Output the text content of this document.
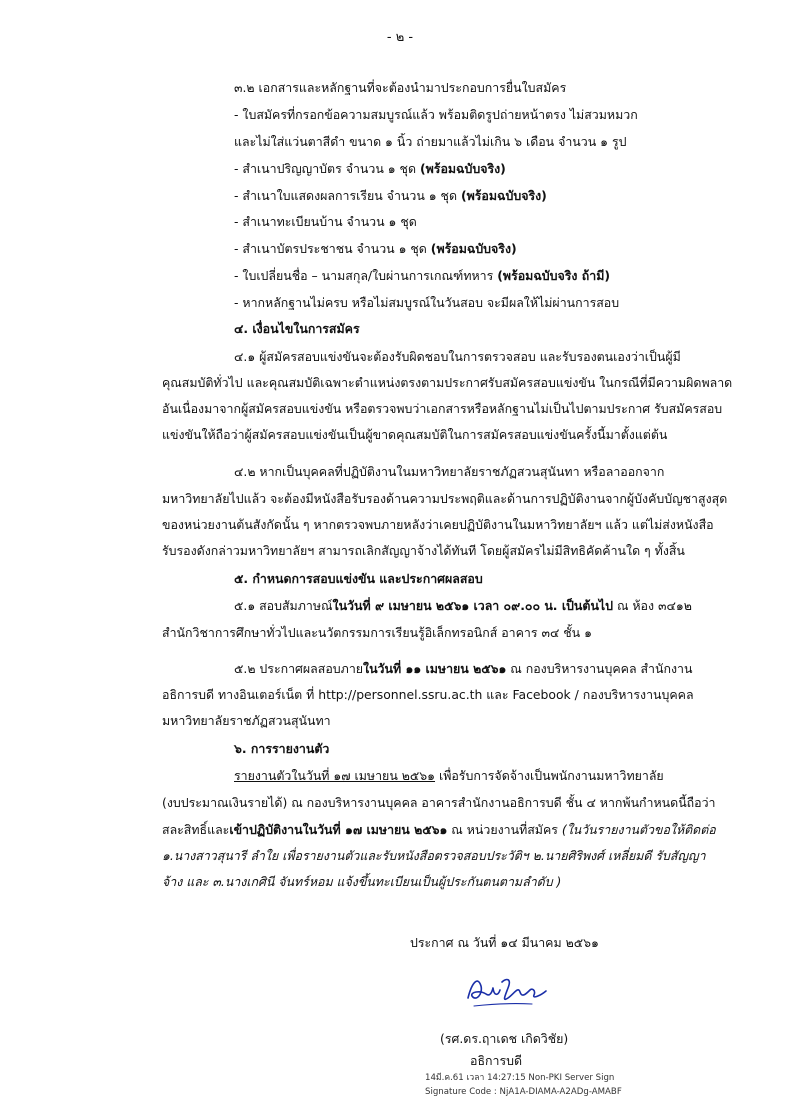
- ๒ -
๓.๒ เอกสารและหลักฐานที่จะต้องนำมาประกอบการยื่นใบสมัคร
- ใบสมัครที่กรอกข้อความสมบูรณ์แล้ว พร้อมติดรูปถ่ายหน้าตรง ไม่สวมหมวก
และไม่ใส่แว่นตาสีดำ ขนาด ๑ นิ้ว ถ่ายมาแล้วไม่เกิน ๖ เดือน จำนวน ๑ รูป
- สำเนาปริญญาบัตร จำนวน ๑ ชุด (พร้อมฉบับจริง)
- สำเนาใบแสดงผลการเรียน จำนวน ๑ ชุด (พร้อมฉบับจริง)
- สำเนาทะเบียนบ้าน จำนวน ๑ ชุด
- สำเนาบัตรประชาชน จำนวน ๑ ชุด (พร้อมฉบับจริง)
- ใบเปลี่ยนชื่อ – นามสกุล/ใบผ่านการเกณฑ์ทหาร (พร้อมฉบับจริง ถ้ามี)
- หากหลักฐานไม่ครบ หรือไม่สมบูรณ์ในวันสอบ จะมีผลให้ไม่ผ่านการสอบ
๔. เงื่อนไขในการสมัคร
๔.๑ ผู้สมัครสอบแข่งขันจะต้องรับผิดชอบในการตรวจสอบ และรับรองตนเองว่าเป็นผู้มี
คุณสมบัติทั่วไป และคุณสมบัติเฉพาะตำแหน่งตรงตามประกาศรับสมัครสอบแข่งขัน ในกรณีที่มีความผิดพลาด
อันเนื่องมาจากผู้สมัครสอบแข่งขัน หรือตรวจพบว่าเอกสารหรือหลักฐานไม่เป็นไปตามประกาศ รับสมัครสอบ
แข่งขันให้ถือว่าผู้สมัครสอบแข่งขันเป็นผู้ขาดคุณสมบัติในการสมัครสอบแข่งขันครั้งนี้มาตั้งแต่ต้น
๔.๒ หากเป็นบุคคลที่ปฏิบัติงานในมหาวิทยาลัยราชภัฏสวนสุนันทา หรือลาออกจาก
มหาวิทยาลัยไปแล้ว จะต้องมีหนังสือรับรองด้านความประพฤติและด้านการปฏิบัติงานจากผู้บังคับบัญชาสูงสุด
ของหน่วยงานต้นสังกัดนั้น ๆ หากตรวจพบภายหลังว่าเคยปฏิบัติงานในมหาวิทยาลัยฯ แล้ว แต่ไม่ส่งหนังสือ
รับรองดังกล่าวมหาวิทยาลัยฯ สามารถเลิกสัญญาจ้างได้ทันที โดยผู้สมัครไม่มีสิทธิคัดค้านใด ๆ ทั้งสิ้น
๕. กำหนดการสอบแข่งขัน และประกาศผลสอบ
๕.๑ สอบสัมภาษณ์ในวันที่ ๙ เมษายน ๒๕๖๑ เวลา ๐๙.๐๐ น. เป็นต้นไป ณ ห้อง ๓๔๑๒
สำนักวิชาการศึกษาทั่วไปและนวัตกรรมการเรียนรู้อิเล็กทรอนิกส์ อาคาร ๓๔ ชั้น ๑
๕.๒ ประกาศผลสอบภายในวันที่ ๑๑ เมษายน ๒๕๖๑ ณ กองบริหารงานบุคคล สำนักงาน
อธิการบดี ทางอินเตอร์เน็ต ที่ http://personnel.ssru.ac.th และ Facebook / กองบริหารงานบุคคล
มหาวิทยาลัยราชภัฏสวนสุนันทา
๖. การรายงานตัว
รายงานตัวในวันที่ ๑๗ เมษายน ๒๕๖๑ เพื่อรับการจัดจ้างเป็นพนักงานมหาวิทยาลัย
(งบประมาณเงินรายได้) ณ กองบริหารงานบุคคล อาคารสำนักงานอธิการบดี ชั้น ๔ หากพ้นกำหนดนี้ถือว่า
สละสิทธิ์และเข้าปฏิบัติงานในวันที่ ๑๗ เมษายน ๒๕๖๑ ณ หน่วยงานที่สมัคร (ในวันรายงานตัวขอให้ติดต่อ
๑.นางสาวสุนารี ลำใย เพื่อรายงานตัวและรับหนังสือตรวจสอบประวัติฯ ๒.นายศิริพงศ์ เหลี่ยมดี รับสัญญา
จ้าง และ ๓.นางเกศินี จันทร์หอม แจ้งขึ้นทะเบียนเป็นผู้ประกันตนตามลำดับ )
ประกาศ ณ วันที่ ๑๔ มีนาคม ๒๕๖๑
(รศ.ดร.ฤาเดช เกิดวิชัย)
อธิการบดี
14มี.ค.61 เวลา 14:27:15 Non-PKI Server Sign
Signature Code : NjA1A-DIAMA-A2ADg-AMABF
